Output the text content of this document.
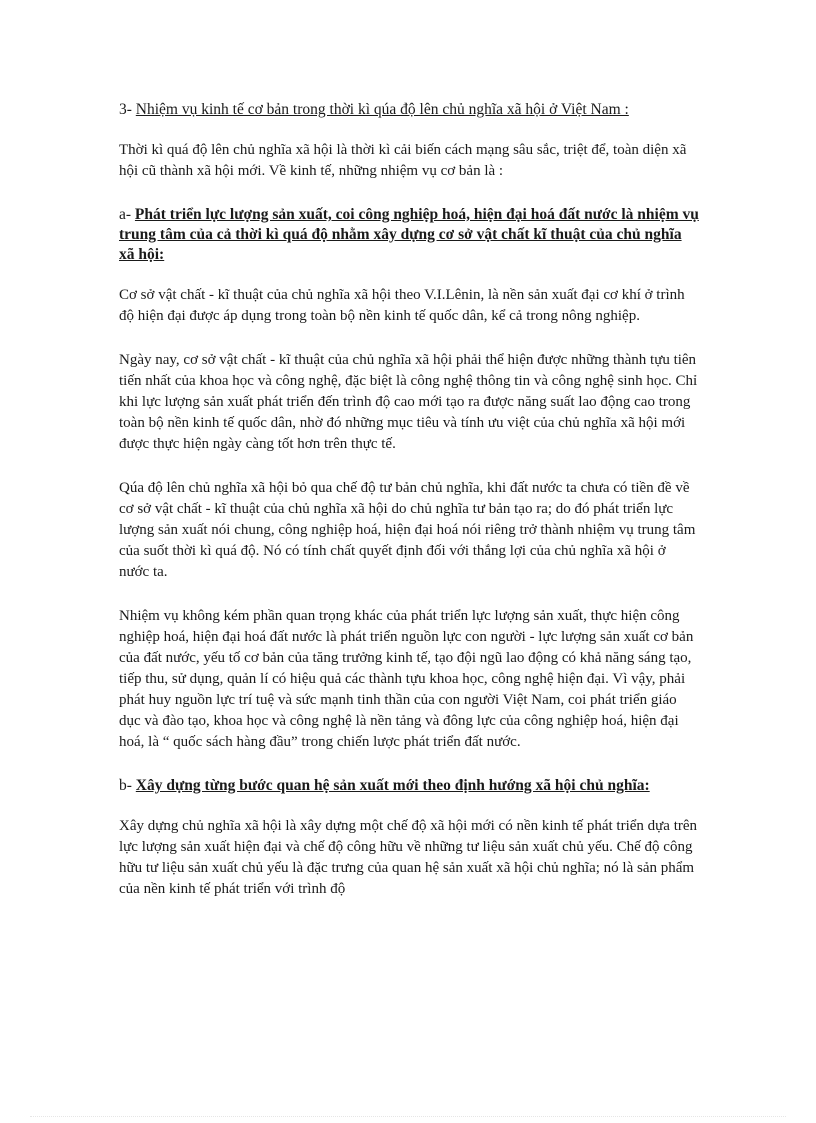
3- Nhiệm vụ kinh tế cơ bản trong thời kì qúa độ lên chủ nghĩa xã hội ở Việt Nam :

Thời kì quá độ lên chủ nghĩa xã hội là thời kì cải biến cách mạng sâu sắc, triệt để, toàn diện xã hội cũ thành xã hội mới. Về kinh tế, những nhiệm vụ cơ bản là :

a- Phát triển lực lượng sản xuất, coi công nghiệp hoá, hiện đại hoá đất nước là nhiệm vụ trung tâm của cả thời kì quá độ nhằm xây dựng cơ sở vật chất kĩ thuật của chủ nghĩa xã hội:

Cơ sở vật chất - kĩ thuật của chủ nghĩa xã hội theo V.I.Lênin, là nền sản xuất đại cơ khí ở trình độ hiện đại được áp dụng trong toàn bộ nền kinh tế quốc dân, kể cả trong nông nghiệp.

Ngày nay, cơ sở vật chất - kĩ thuật của chủ nghĩa xã hội phải thể hiện được những thành tựu tiên tiến nhất của khoa học và công nghệ, đặc biệt là công nghệ thông tin và công nghệ sinh học. Chỉ khi lực lượng sản xuất phát triển đến trình độ cao mới tạo ra được năng suất lao động cao trong toàn bộ nền kinh tế quốc dân, nhờ đó những mục tiêu và tính ưu việt của chủ nghĩa xã hội mới được thực hiện ngày càng tốt hơn trên thực tế.

Qúa độ lên chủ nghĩa xã hội bỏ qua chế độ tư bản chủ nghĩa, khi đất nước ta chưa có tiền đề về cơ sở vật chất - kĩ thuật của chủ nghĩa xã hội do chủ nghĩa tư bản tạo ra; do đó phát triển lực lượng sản xuất nói chung, công nghiệp hoá, hiện đại hoá nói riêng trở thành nhiệm vụ trung tâm của suốt thời kì quá độ. Nó có tính chất quyết định đối với thắng lợi của chủ nghĩa xã hội ở nước ta.

Nhiệm vụ không kém phần quan trọng khác của phát triển lực lượng sản xuất, thực hiện công nghiệp hoá, hiện đại hoá đất nước là phát triển nguồn lực con người - lực lượng sản xuất cơ bản của đất nước, yếu tố cơ bản của tăng trưởng kinh tế, tạo đội ngũ lao động có khả năng sáng tạo, tiếp thu, sử dụng, quản lí có hiệu quả các thành tựu khoa học, công nghệ hiện đại. Vì vậy, phải phát huy nguồn lực trí tuệ và sức mạnh tinh thần của con người Việt Nam, coi phát triển giáo dục và đào tạo, khoa học và công nghệ là nền tảng và đông lực của công nghiệp hoá, hiện đại hoá, là “ quốc sách hàng đầu” trong chiến lược phát triển đất nước.

b- Xây dựng từng bước quan hệ sản xuất mới theo định hướng xã hội chủ nghĩa:

Xây dựng chủ nghĩa xã hội là xây dựng một chế độ xã hội mới có nền kinh tế phát triển dựa trên lực lượng sản xuất hiện đại và chế độ công hữu về những tư liệu sản xuất chủ yếu. Chế độ công hữu tư liệu sản xuất chủ yếu là đặc trưng của quan hệ sản xuất xã hội chủ nghĩa; nó là sản phẩm của nền kinh tế phát triển với trình độ
